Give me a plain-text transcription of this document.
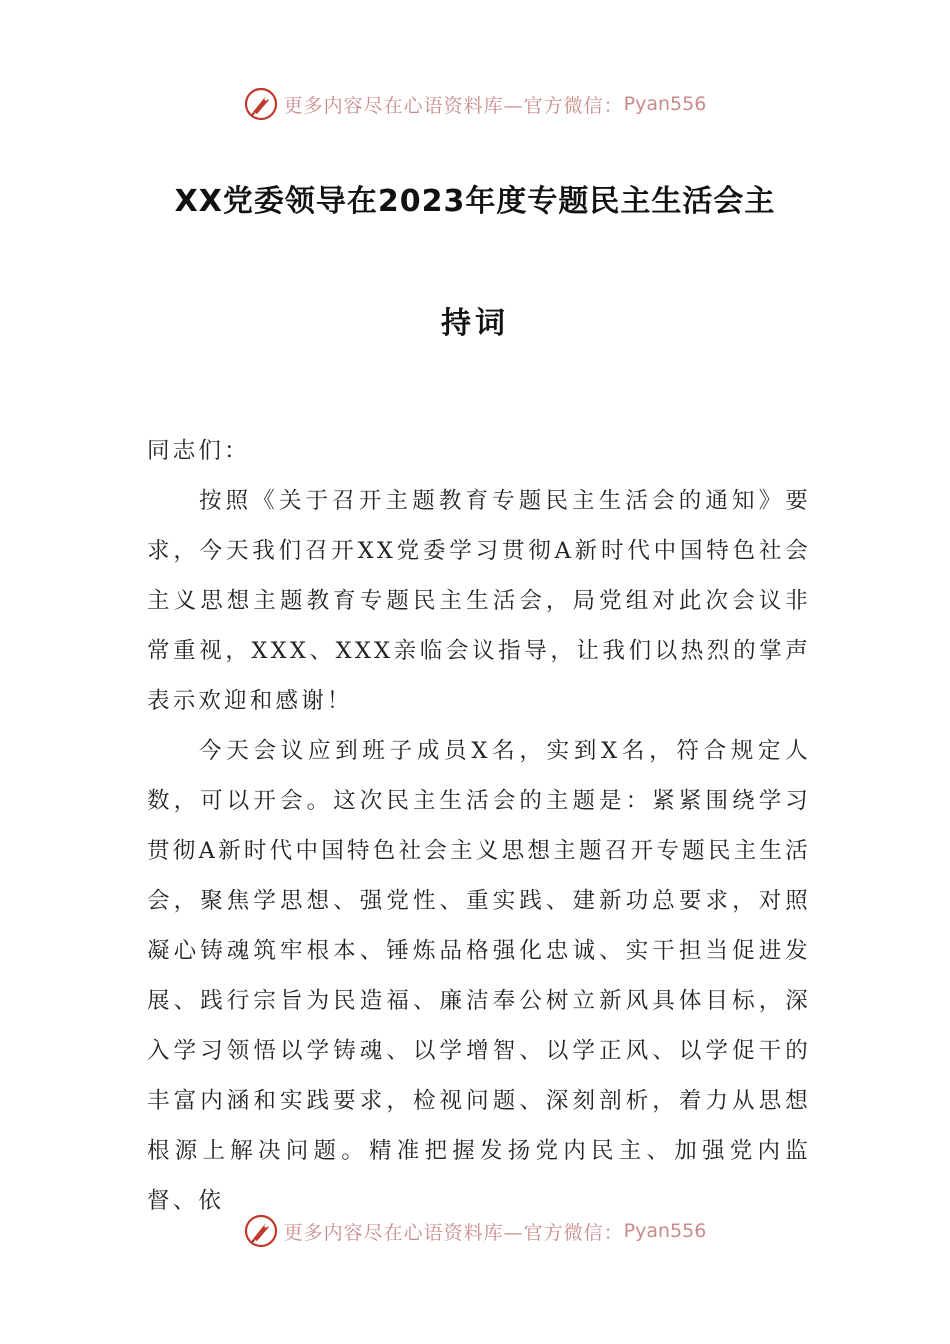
更多内容尽在心语资料库—官方微信： Pyan556
XX党委领导在2023年度专题民主生活会主
持词

同志们：

按照《关于召开主题教育专题民主生活会的通知》要求，今天我们召开XX党委学习贯彻A新时代中国特色社会主义思想主题教育专题民主生活会，局党组对此次会议非常重视，XXX、XXX亲临会议指导，让我们以热烈的掌声表示欢迎和感谢！

今天会议应到班子成员X名，实到X名，符合规定人数，可以开会。这次民主生活会的主题是：紧紧围绕学习贯彻A新时代中国特色社会主义思想主题召开专题民主生活会，聚焦学思想、强党性、重实践、建新功总要求，对照凝心铸魂筑牢根本、锤炼品格强化忠诚、实干担当促进发展、践行宗旨为民造福、廉洁奉公树立新风具体目标，深入学习领悟以学铸魂、以学增智、以学正风、以学促干的丰富内涵和实践要求，检视问题、深刻剖析，着力从思想根源上解决问题。精准把握发扬党内民主、加强党内监督、依

更多内容尽在心语资料库—官方微信： Pyan556
